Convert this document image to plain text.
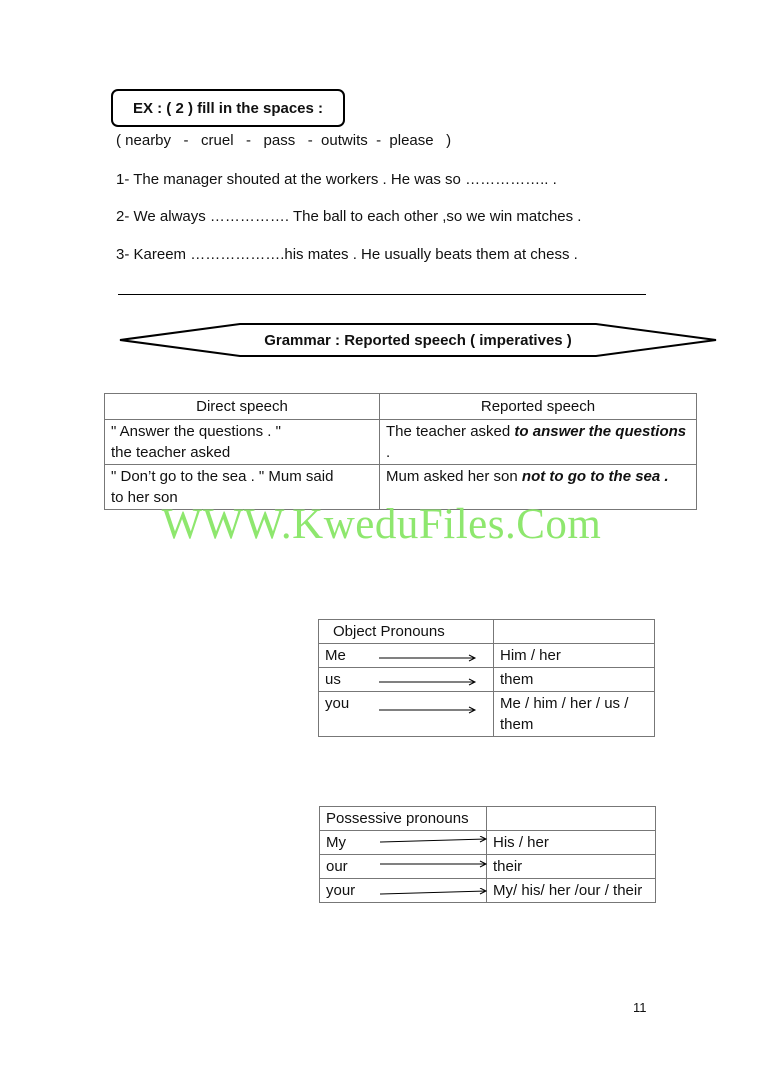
EX : ( 2 ) fill in the spaces :
( nearby   -   cruel   -   pass   -  outwits  -  please   )
1- The manager shouted at the workers . He was so …………….. .
2- We always ……………. The ball to each other ,so we win matches .
3- Kareem ……………….his mates . He usually beats them at chess .
Grammar : Reported speech ( imperatives )
Direct speech	Reported speech

" Answer the questions . "
the teacher asked	The teacher asked to answer the questions .

" Don’t go to the sea . " Mum said
to her son	Mum asked her son not to go to the sea .
WWW.KweduFiles.Com
Object Pronouns	
Me	Him / her
us	them
you	Me / him / her / us / them
Possessive pronouns	
My	His / her
our	their
your	My/ his/ her /our / their
11
